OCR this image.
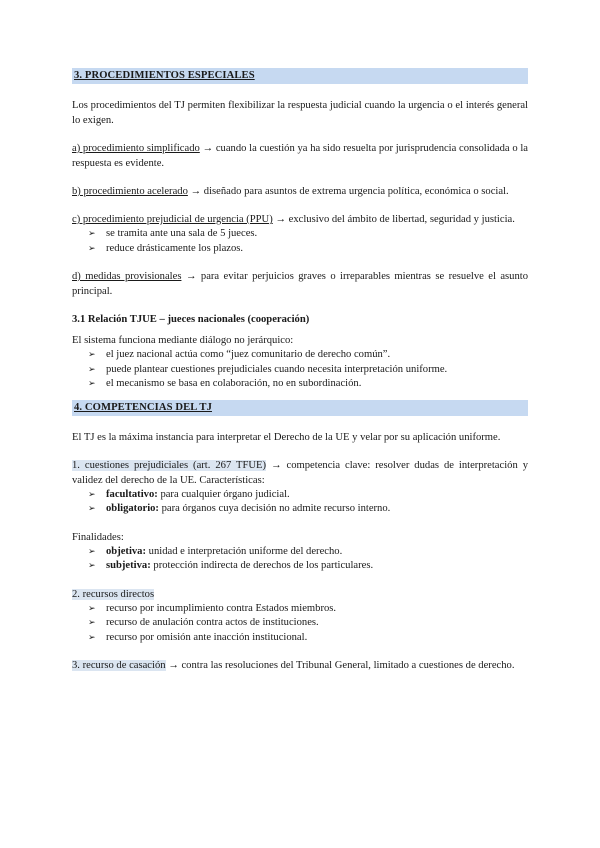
3. PROCEDIMIENTOS ESPECIALES
Los procedimientos del TJ permiten flexibilizar la respuesta judicial cuando la urgencia o el interés general lo exigen.
a) procedimiento simplificado → cuando la cuestión ya ha sido resuelta por jurisprudencia consolidada o la respuesta es evidente.
b) procedimiento acelerado → diseñado para asuntos de extrema urgencia política, económica o social.
c) procedimiento prejudicial de urgencia (PPU) → exclusivo del ámbito de libertad, seguridad y justicia.
➢ se tramita ante una sala de 5 jueces.
➢ reduce drásticamente los plazos.
d) medidas provisionales → para evitar perjuicios graves o irreparables mientras se resuelve el asunto principal.
3.1 Relación TJUE – jueces nacionales (cooperación)
El sistema funciona mediante diálogo no jerárquico:
➢ el juez nacional actúa como “juez comunitario de derecho común”.
➢ puede plantear cuestiones prejudiciales cuando necesita interpretación uniforme.
➢ el mecanismo se basa en colaboración, no en subordinación.
4. COMPETENCIAS DEL TJ
El TJ es la máxima instancia para interpretar el Derecho de la UE y velar por su aplicación uniforme.
1. cuestiones prejudiciales (art. 267 TFUE) → competencia clave: resolver dudas de interpretación y validez del derecho de la UE. Características:
➢ facultativo: para cualquier órgano judicial.
➢ obligatorio: para órganos cuya decisión no admite recurso interno.
Finalidades:
➢ objetiva: unidad e interpretación uniforme del derecho.
➢ subjetiva: protección indirecta de derechos de los particulares.
2. recursos directos
➢ recurso por incumplimiento contra Estados miembros.
➢ recurso de anulación contra actos de instituciones.
➢ recurso por omisión ante inacción institucional.
3. recurso de casación → contra las resoluciones del Tribunal General, limitado a cuestiones de derecho.
